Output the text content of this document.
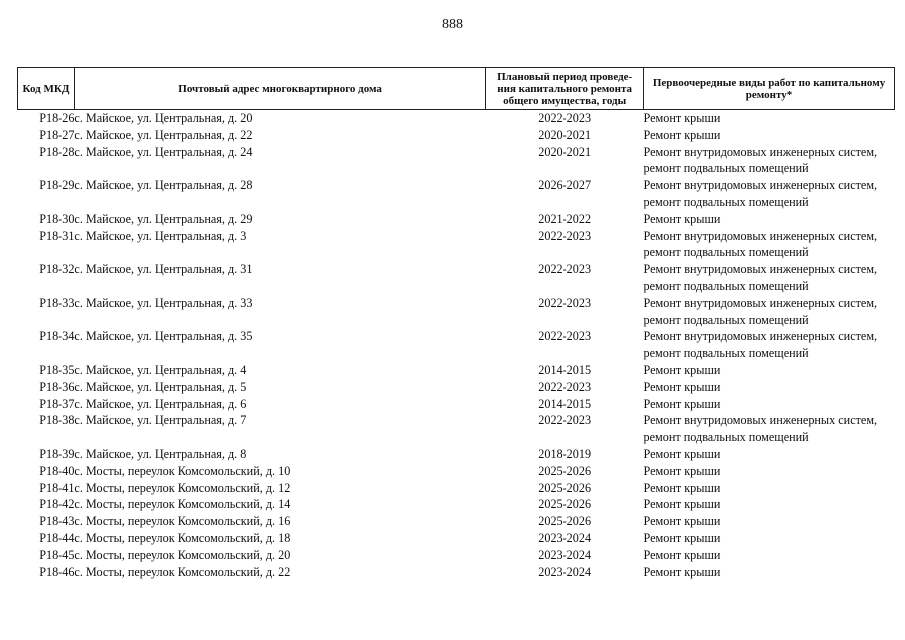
888
Код МКД	Почтовый адрес многоквартирного дома	Плановый период проведе- ния капитального ремонта общего имущества, годы	Первоочередные виды работ по капитальному ремонту*
Р18-26	с. Майское, ул. Центральная, д. 20	2022-2023	Ремонт крыши

Р18-27	с. Майское, ул. Центральная, д. 22	2020-2021	Ремонт крыши

Р18-28	с. Майское, ул. Центральная, д. 24	2020-2021	Ремонт внутридомовых инженерных систем,
ремонт подвальных помещений

Р18-29	с. Майское, ул. Центральная, д. 28	2026-2027	Ремонт внутридомовых инженерных систем,
ремонт подвальных помещений

Р18-30	с. Майское, ул. Центральная, д. 29	2021-2022	Ремонт крыши

Р18-31	с. Майское, ул. Центральная, д. 3	2022-2023	Ремонт внутридомовых инженерных систем,
ремонт подвальных помещений

Р18-32	с. Майское, ул. Центральная, д. 31	2022-2023	Ремонт внутридомовых инженерных систем,
ремонт подвальных помещений

Р18-33	с. Майское, ул. Центральная, д. 33	2022-2023	Ремонт внутридомовых инженерных систем,
ремонт подвальных помещений

Р18-34	с. Майское, ул. Центральная, д. 35	2022-2023	Ремонт внутридомовых инженерных систем,
ремонт подвальных помещений

Р18-35	с. Майское, ул. Центральная, д. 4	2014-2015	Ремонт крыши

Р18-36	с. Майское, ул. Центральная, д. 5	2022-2023	Ремонт крыши

Р18-37	с. Майское, ул. Центральная, д. 6	2014-2015	Ремонт крыши

Р18-38	с. Майское, ул. Центральная, д. 7	2022-2023	Ремонт внутридомовых инженерных систем,
ремонт подвальных помещений

Р18-39	с. Майское, ул. Центральная, д. 8	2018-2019	Ремонт крыши

Р18-40	с. Мосты, переулок Комсомольский, д. 10	2025-2026	Ремонт крыши

Р18-41	с. Мосты, переулок Комсомольский, д. 12	2025-2026	Ремонт крыши

Р18-42	с. Мосты, переулок Комсомольский, д. 14	2025-2026	Ремонт крыши

Р18-43	с. Мосты, переулок Комсомольский, д. 16	2025-2026	Ремонт крыши

Р18-44	с. Мосты, переулок Комсомольский, д. 18	2023-2024	Ремонт крыши

Р18-45	с. Мосты, переулок Комсомольский, д. 20	2023-2024	Ремонт крыши

Р18-46	с. Мосты, переулок Комсомольский, д. 22	2023-2024	Ремонт крыши
